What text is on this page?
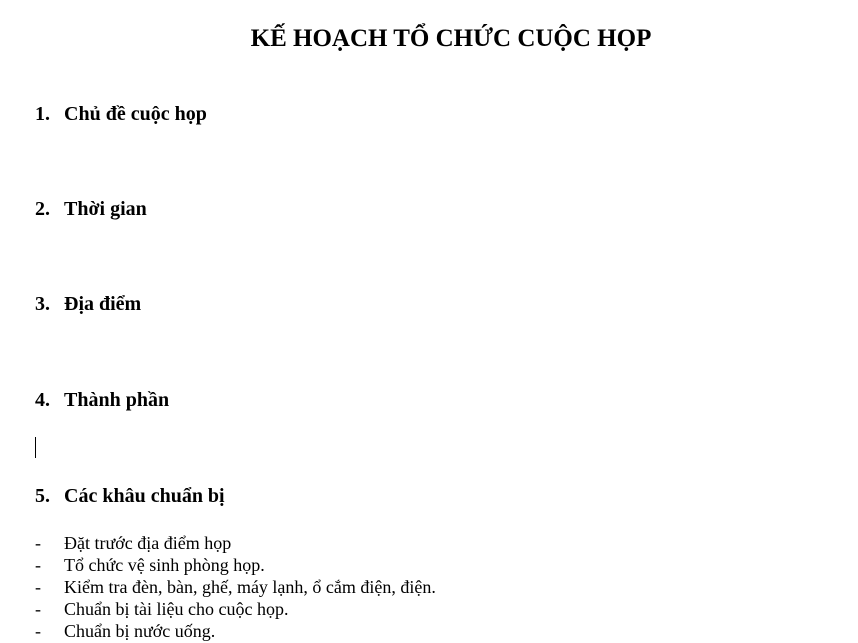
KẾ HOẠCH TỔ CHỨC CUỘC HỌP
1. Chủ đề cuộc họp
2. Thời gian
3. Địa điểm
4. Thành phần
5. Các khâu chuẩn bị
- Đặt trước địa điểm họp
- Tổ chức vệ sinh phòng họp.
- Kiểm tra đèn, bàn, ghế, máy lạnh, ổ cắm điện, điện.
- Chuẩn bị tài liệu cho cuộc họp.
- Chuẩn bị nước uống.
